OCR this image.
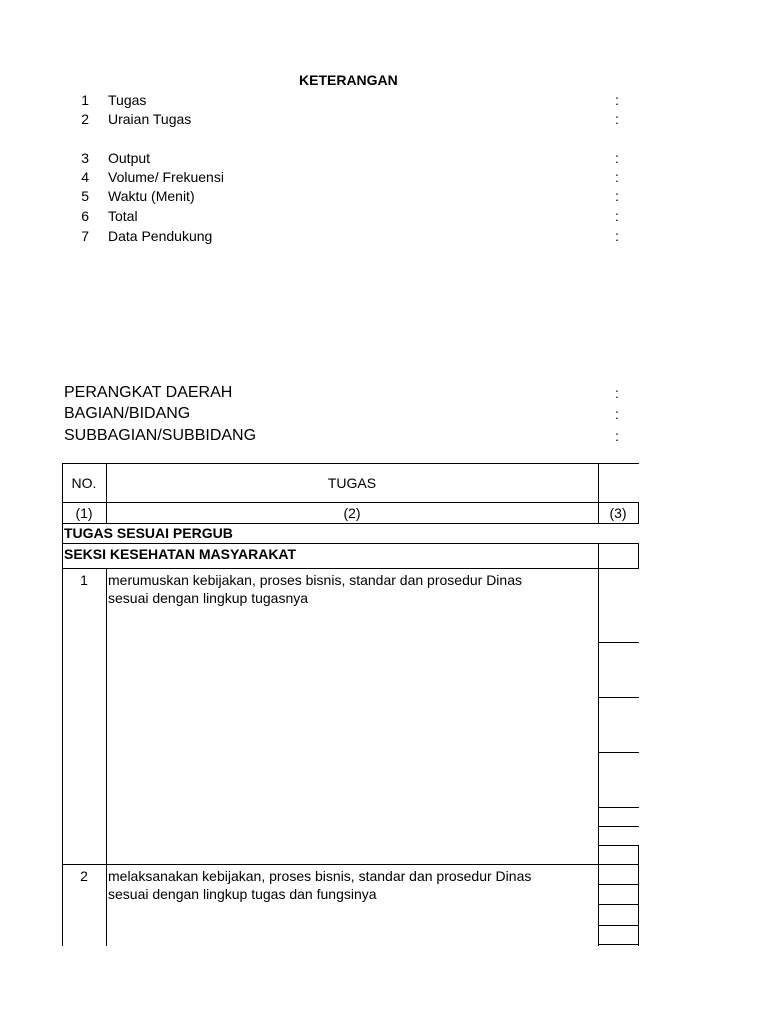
KETERANGAN
1 Tugas	:
2 Uraian Tugas	:
3 Output	:
4 Volume/ Frekuensi	:
5 Waktu (Menit)	:
6 Total	:
7 Data Pendukung	:
PERANGKAT DAERAH	:
BAGIAN/BIDANG	:
SUBBAGIAN/SUBBIDANG	:
NO.	TUGAS
(1)	(2)	(3)
TUGAS SESUAI PERGUB
SEKSI KESEHATAN MASYARAKAT
1	merumuskan kebijakan, proses bisnis, standar dan prosedur Dinas
sesuai dengan lingkup tugasnya
2	melaksanakan kebijakan, proses bisnis, standar dan prosedur Dinas
sesuai dengan lingkup tugas dan fungsinya
